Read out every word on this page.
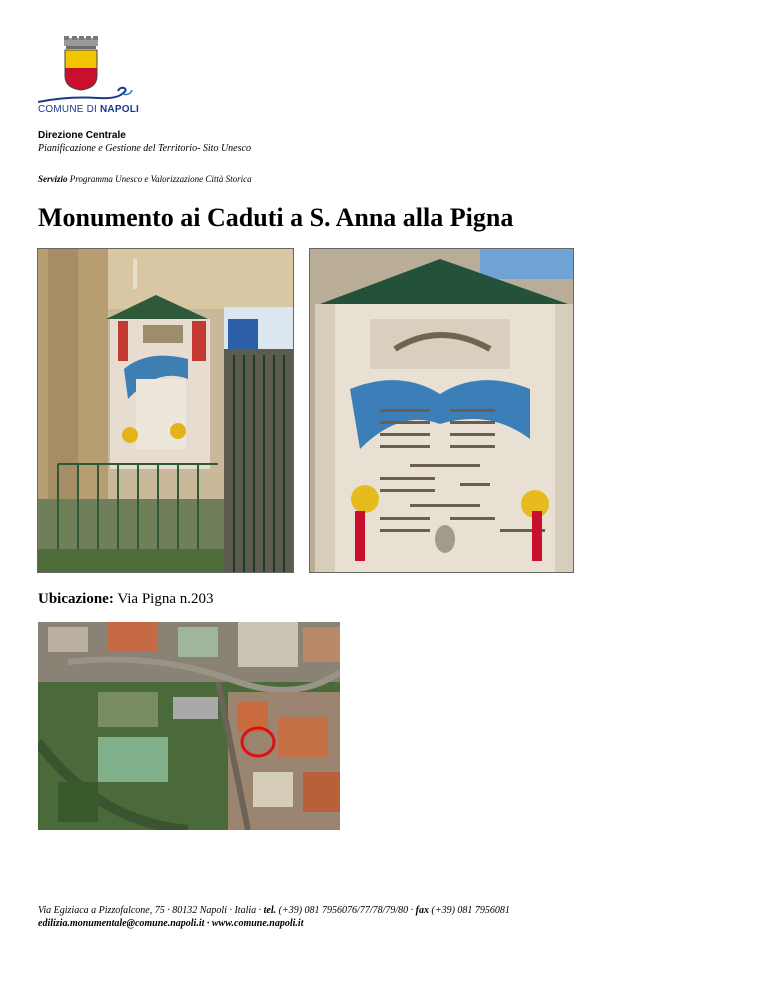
COMUNE DI NAPOLI
Direzione Centrale
Pianificazione e Gestione del Territorio- Sito Unesco
Servizio Programma Unesco e Valorizzazione Città Storica
Monumento ai Caduti a S. Anna alla Pigna
Ubicazione: Via Pigna n.203
Via Egiziaca a Pizzofalcone, 75 · 80132 Napoli · Italia · tel. (+39) 081 7956076/77/78/79/80 · fax (+39) 081 7956081
edilizia.monumentale@comune.napoli.it · www.comune.napoli.it
